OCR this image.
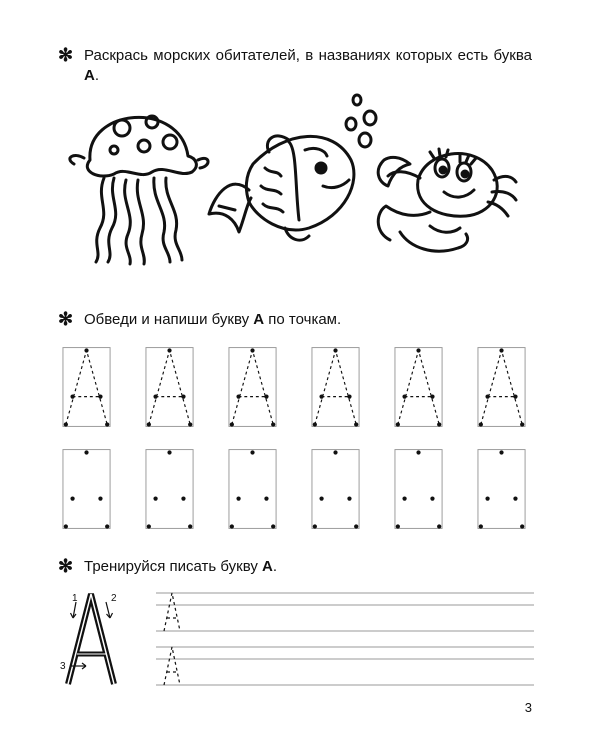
✻ Раскрась морских обитателей, в названиях которых есть буква А.
✻ Обведи и напиши букву А по точкам.
✻ Тренируйся писать букву А.
1	2
3
3
